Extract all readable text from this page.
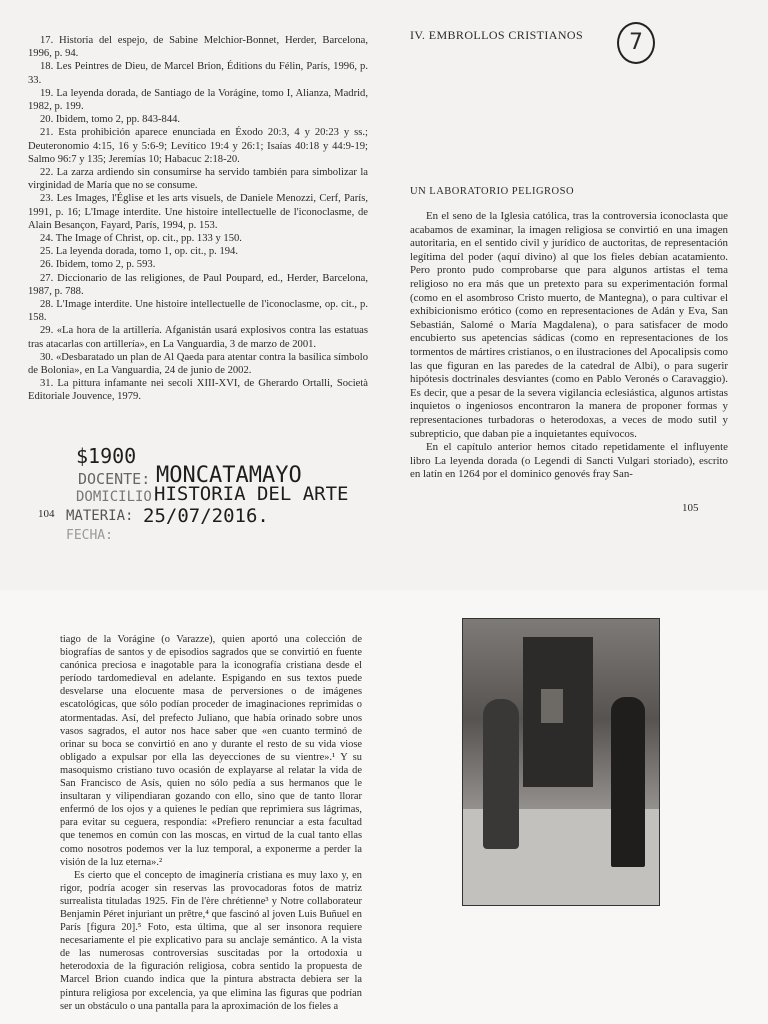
17. Historia del espejo, de Sabine Melchior-Bonnet, Herder, Barcelona, 1996, p. 94.

18. Les Peintres de Dieu, de Marcel Brion, Éditions du Félin, París, 1996, p. 33.

19. La leyenda dorada, de Santiago de la Vorágine, tomo I, Alianza, Madrid, 1982, p. 199.

20. Ibidem, tomo 2, pp. 843-844.

21. Esta prohibición aparece enunciada en Éxodo 20:3, 4 y 20:23 y ss.; Deuteronomio 4:15, 16 y 5:6-9; Levítico 19:4 y 26:1; Isaías 40:18 y 44:9-19; Salmo 96:7 y 135; Jeremías 10; Habacuc 2:18-20.

22. La zarza ardiendo sin consumirse ha servido también para simbolizar la virginidad de María que no se consume.

23. Les Images, l'Église et les arts visuels, de Daniele Menozzi, Cerf, París, 1991, p. 16; L'Image interdite. Une histoire intellectuelle de l'iconoclasme, de Alain Besançon, Fayard, París, 1994, p. 153.

24. The Image of Christ, op. cit., pp. 133 y 150.

25. La leyenda dorada, tomo 1, op. cit., p. 194.

26. Ibidem, tomo 2, p. 593.

27. Diccionario de las religiones, de Paul Poupard, ed., Herder, Barcelona, 1987, p. 788.

28. L'Image interdite. Une histoire intellectuelle de l'iconoclasme, op. cit., p. 158.

29. «La hora de la artillería. Afganistán usará explosivos contra las estatuas tras atacarlas con artillería», en La Vanguardia, 3 de marzo de 2001.

30. «Desbaratado un plan de Al Qaeda para atentar contra la basílica símbolo de Bolonia», en La Vanguardia, 24 de junio de 2002.

31. La pittura infamante nei secoli XIII-XVI, de Gherardo Ortalli, Società Editoriale Jouvence, 1979.

$1900
DOCENTE: MONCATAMAYO
DOMICILIO:
HISTORIA DEL ARTE
MATERIA: 25/07/2016.
FECHA:
104
IV. EMBROLLOS CRISTIANOS	7
UN LABORATORIO PELIGROSO

En el seno de la Iglesia católica, tras la controversia iconoclasta que acabamos de examinar, la imagen religiosa se convirtió en una imagen autoritaria, en el sentido civil y jurídico de auctoritas, de representación legítima del poder (aquí divino) al que los fieles debían acatamiento. Pero pronto pudo comprobarse que para algunos artistas el tema religioso no era más que un pretexto para su experimentación formal (como en el asombroso Cristo muerto, de Mantegna), o para cultivar el exhibicionismo erótico (como en representaciones de Adán y Eva, San Sebastián, Salomé o María Magdalena), o para satisfacer de modo encubierto sus apetencias sádicas (como en representaciones de los tormentos de mártires cristianos, o en ilustraciones del Apocalipsis como las que figuran en las paredes de la catedral de Albi), o para sugerir hipótesis doctrinales desviantes (como en Pablo Veronés o Caravaggio). Es decir, que a pesar de la severa vigilancia eclesiástica, algunos artistas inquietos o ingeniosos encontraron la manera de proponer formas y representaciones turbadoras o heterodoxas, a veces de modo sutil y subrepticio, que daban pie a inquietantes equívocos.

En el capítulo anterior hemos citado repetidamente el influyente libro La leyenda dorada (o Legendi di Sancti Vulgari storiado), escrito en latín en 1264 por el dominico genovés fray San-

105

tiago de la Vorágine (o Varazze), quien aportó una colección de biografías de santos y de episodios sagrados que se convirtió en fuente canónica preciosa e inagotable para la iconografía cristiana desde el período tardomedieval en adelante. Espigando en sus textos puede desvelarse una elocuente masa de perversiones o de imágenes escatológicas, que sólo podían proceder de imaginaciones reprimidas o atormentadas. Así, del prefecto Juliano, que había orinado sobre unos vasos sagrados, el autor nos hace saber que «en cuanto terminó de orinar su boca se convirtió en ano y durante el resto de su vida viose obligado a expulsar por ella las deyecciones de su vientre».¹ Y su masoquismo cristiano tuvo ocasión de explayarse al relatar la vida de San Francisco de Asís, quien no sólo pedía a sus hermanos que le insultaran y vilipendiaran gozando con ello, sino que de tanto llorar enfermó de los ojos y a quienes le pedían que reprimiera sus lágrimas, para evitar su ceguera, respondía: «Prefiero renunciar a esta facultad que tenemos en común con las moscas, en virtud de la cual tanto ellas como nosotros podemos ver la luz temporal, a exponerme a perder la visión de la luz eterna».²

Es cierto que el concepto de imaginería cristiana es muy laxo y, en rigor, podría acoger sin reservas las provocadoras fotos de matriz surrealista tituladas 1925. Fin de l'ère chrétienne³ y Notre collaborateur Benjamin Péret injuriant un prêtre,⁴ que fascinó al joven Luis Buñuel en París [figura 20].⁵ Foto, esta última, que al ser insonora requiere necesariamente el pie explicativo para su anclaje semántico. A la vista de las numerosas controversias suscitadas por la ortodoxia u heterodoxia de la figuración religiosa, cobra sentido la propuesta de Marcel Brion cuando indica que la pintura abstracta debiera ser la pintura religiosa por excelencia, ya que elimina las figuras que podrían ser un obstáculo o una pantalla para la aproximación de los fieles a
